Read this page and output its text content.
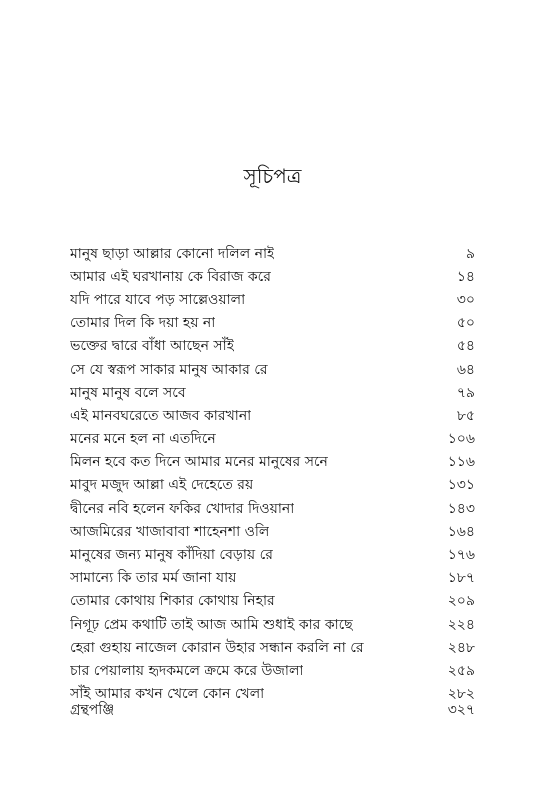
সূচিপত্র
মানুষ ছাড়া আল্লার কোনো দলিল নাই	৯
আমার এই ঘরখানায় কে বিরাজ করে	১৪
যদি পারে যাবে পড় সাল্লেওয়ালা	৩০
তোমার দিল কি দয়া হয় না	৫০
ভক্তের দ্বারে বাঁধা আছেন সাঁই	৫৪
সে যে স্বরূপ সাকার মানুষ আকার রে	৬৪
মানুষ মানুষ বলে সবে	৭৯
এই মানবঘরেতে আজব কারখানা	৮৫
মনের মনে হল না এতদিনে	১০৬
মিলন হবে কত দিনে আমার মনের মানুষের সনে	১১৬
মাবুদ মজুদ আল্লা এই দেহেতে রয়	১৩১
দ্বীনের নবি হলেন ফকির খোদার দিওয়ানা	১৪৩
আজমিরের খাজাবাবা শাহেনশা ওলি	১৬৪
মানুষের জন্য মানুষ কাঁদিয়া বেড়ায় রে	১৭৬
সামান্যে কি তার মর্ম জানা যায়	১৮৭
তোমার কোথায় শিকার কোথায় নিহার	২০৯
নিগূঢ় প্রেম কথাটি তাই আজ আমি শুধাই কার কাছে	২২৪
হেরা গুহায় নাজেল কোরান উহার সন্ধান করলি না রে	২৪৮
চার পেয়ালায় হৃদকমলে ক্রমে করে উজালা	২৫৯
সাঁই আমার কখন খেলে কোন খেলা	২৮২
গ্রন্থপঞ্জি	৩২৭
